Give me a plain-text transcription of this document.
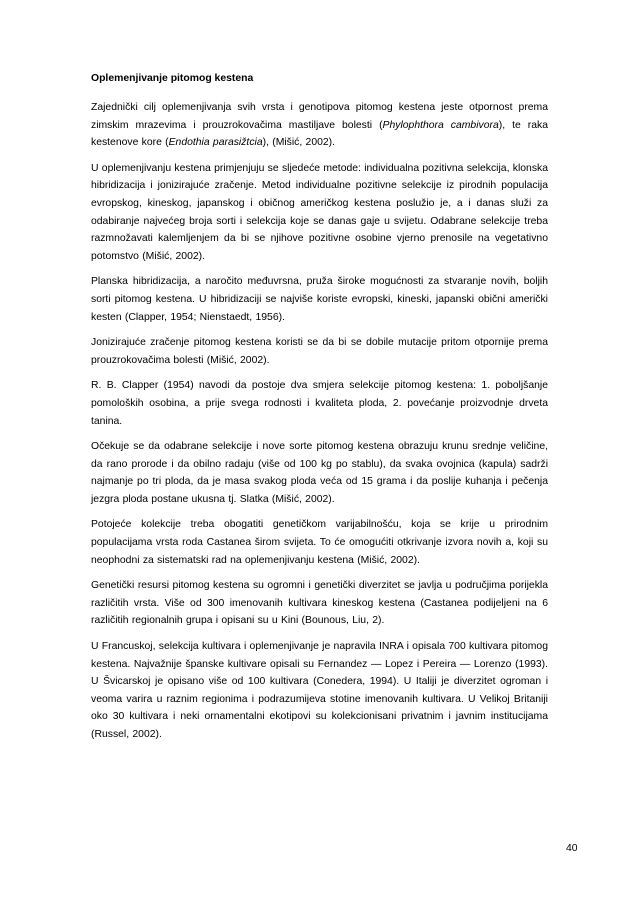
Oplemenjivanje pitomog kestena

Zajednički cilj oplemenjivanja svih vrsta i genotipova pitomog kestena jeste otpornost prema zimskim mrazevima i prouzrokovačima mastiljave bolesti (Phylophthora cambivora), te raka kestenove kore (Endothia parasižtcia), (Mišić, 2002).

U oplemenjivanju kestena primjenjuju se sljedeće metode: individualna pozitivna selekcija, klonska hibridizacija i jonizirajuće zračenje. Metod individualne pozitivne selekcije iz pirodnih populacija evropskog, kineskog, japanskog i običnog američkog kestena poslužio je, a i danas služi za odabiranje najvećeg broja sorti i selekcija koje se danas gaje u svijetu. Odabrane selekcije treba razmnožavati kalemljenjem da bi se njihove pozitivne osobine vjerno prenosile na vegetativno potomstvo (Mišić, 2002).

Planska hibridizacija, a naročito međuvrsna, pruža široke mogućnosti za stvaranje novih, boljih sorti pitomog kestena. U hibridizaciji se najviše koriste evropski, kineski, japanski obični američki kesten (Clapper, 1954; Nienstaedt, 1956).

Jonizirajuće zračenje pitomog kestena koristi se da bi se dobile mutacije pritom otpornije prema prouzrokovačima bolesti (Mišić, 2002).

R. B. Clapper (1954) navodi da postoje dva smjera selekcije pitomog kestena: 1. poboljšanje pomoloških osobina, a prije svega rodnosti i kvaliteta ploda, 2. povećanje proizvodnje drveta tanina.

Očekuje se da odabrane selekcije i nove sorte pitomog kestena obrazuju krunu srednje veličine, da rano prorode i da obilno radaju (više od 100 kg po stablu), da svaka ovojnica (kapula) sadrži najmanje po tri ploda, da je masa svakog ploda veća od 15 grama i da poslije kuhanja i pečenja jezgra ploda postane ukusna tj. Slatka (Mišić, 2002).

Potojeće kolekcije treba obogatiti genetičkom varijabilnošću, koja se krije u prirodnim populacijama vrsta roda Castanea širom svijeta. To će omogućiti otkrivanje izvora novih a, koji su neophodni za sistematski rad na oplemenjivanju kestena (Mišić, 2002).

Genetički resursi pitomog kestena su ogromni i genetički diverzitet se javlja u područjima porijekla različitih vrsta. Više od 300 imenovanih kultivara kineskog kestena (Castanea podijeljeni na 6 različitih regionalnih grupa i opisani su u Kini (Bounous, Liu, 2).

U Francuskoj, selekcija kultivara i oplemenjivanje je napravila INRA i opisala 700 kultivara pitomog kestena. Najvažnije španske kultivare opisali su Fernandez — Lopez i Pereira — Lorenzo (1993). U Švicarskoj je opisano više od 100 kultivara (Conedera, 1994). U Italiji je diverzitet ogroman i veoma varira u raznim regionima i podrazumijeva stotine imenovanih kultivara. U Velikoj Britaniji oko 30 kultivara i neki ornamentalni ekotipovi su kolekcionisani privatnim i javnim institucijama (Russel, 2002).

40
